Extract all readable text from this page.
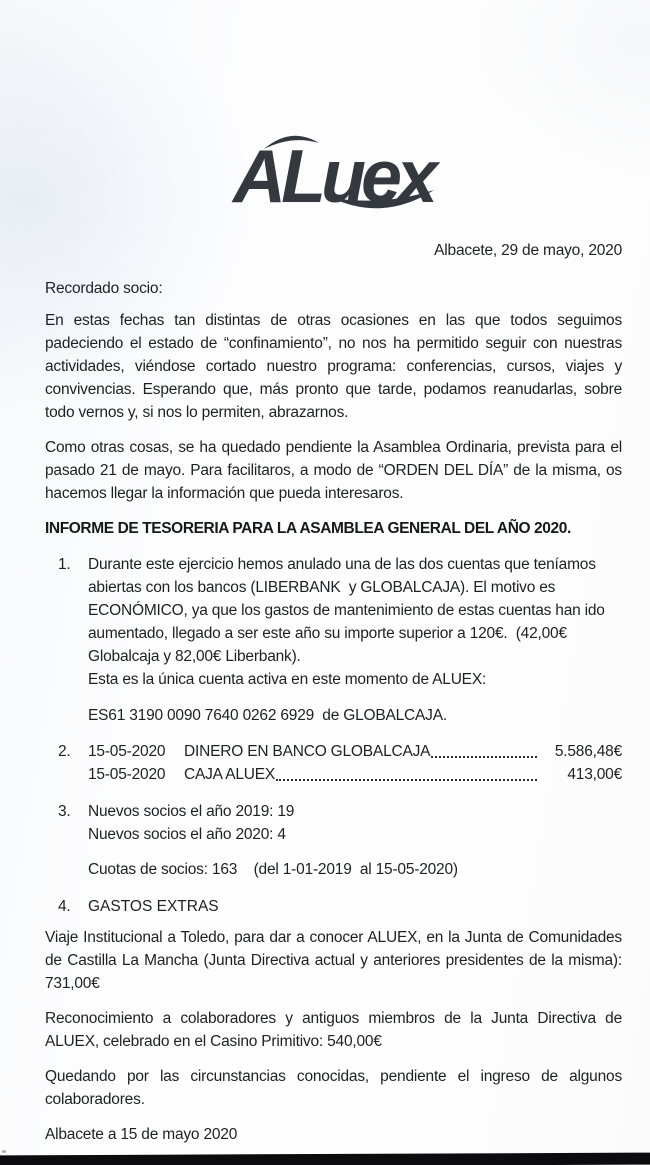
ALuex
Albacete, 29 de mayo, 2020
Recordado socio:

En estas fechas tan distintas de otras ocasiones en las que todos seguimos padeciendo el estado de “confinamiento”, no nos ha permitido seguir con nuestras actividades, viéndose cortado nuestro programa: conferencias, cursos, viajes y convivencias. Esperando que, más pronto que tarde, podamos reanudarlas, sobre todo vernos y, si nos lo permiten, abrazarnos.

Como otras cosas, se ha quedado pendiente la Asamblea Ordinaria, prevista para el pasado 21 de mayo. Para facilitaros, a modo de “ORDEN DEL DÍA” de la misma, os hacemos llegar la información que pueda interesaros.

INFORME DE TESORERIA PARA LA ASAMBLEA GENERAL DEL AÑO 2020.
1.	Durante este ejercicio hemos anulado una de las dos cuentas que teníamos abiertas con los bancos (LIBERBANK  y GLOBALCAJA). El motivo es ECONÓMICO, ya que los gastos de mantenimiento de estas cuentas han ido aumentado, llegado a ser este año su importe superior a 120€.  (42,00€ Globalcaja y 82,00€ Liberbank).
Esta es la única cuenta activa en este momento de ALUEX:
ES61 3190 0090 7640 0262 6929  de GLOBALCAJA.
2.	15-05-2020	DINERO EN BANCO GLOBALCAJA	5.586,48€
15-05-2020	CAJA ALUEX	413,00€
3.	Nuevos socios el año 2019: 19
Nuevos socios el año 2020: 4
Cuotas de socios: 163    (del 1-01-2019  al 15-05-2020)
4.	GASTOS EXTRAS

Viaje Institucional a Toledo, para dar a conocer ALUEX, en la Junta de Comunidades de Castilla La Mancha (Junta Directiva actual y anteriores presidentes de la misma): 731,00€

Reconocimiento a colaboradores y antiguos miembros de la Junta Directiva de ALUEX, celebrado en el Casino Primitivo: 540,00€

Quedando por las circunstancias conocidas, pendiente el ingreso de algunos colaboradores.

Albacete a 15 de mayo 2020
